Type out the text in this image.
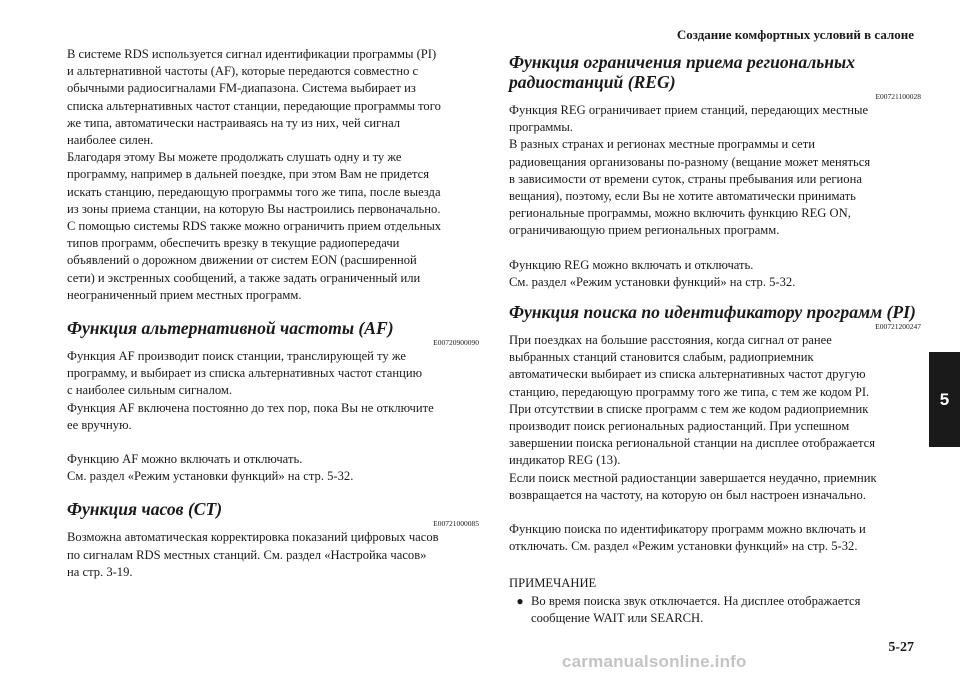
Создание комфортных условий в салоне

В системе RDS используется сигнал идентификации программы (PI)
и альтернативной частоты (AF), которые передаются совместно с
обычными радиосигналами FM-диапазона. Система выбирает из
списка альтернативных частот станции, передающие программы того
же типа, автоматически настраиваясь на ту из них, чей сигнал
наиболее силен.

Благодаря этому Вы можете продолжать слушать одну и ту же
программу, например в дальней поездке, при этом Вам не придется
искать станцию, передающую программы того же типа, после выезда
из зоны приема станции, на которую Вы настроились первоначально.

С помощью системы RDS также можно ограничить прием отдельных
типов программ, обеспечить врезку в текущие радиопередачи
объявлений о дорожном движении от систем EON (расширенной
сети) и экстренных сообщений, а также задать ограниченный или
неограниченный прием местных программ.

Функция альтернативной частоты (AF)
E00720900090

Функция AF производит поиск станции, транслирующей ту же
программу, и выбирает из списка альтернативных частот станцию
с наиболее сильным сигналом.

Функция AF включена постоянно до тех пор, пока Вы не отключите
ее вручную.

Функцию AF можно включать и отключать.
См. раздел «Режим установки функций» на стр. 5-32.

Функция часов (CT)
E00721000085

Возможна автоматическая корректировка показаний цифровых часов
по сигналам RDS местных станций. См. раздел «Настройка часов»
на стр. 3-19.

Функция ограничения приема региональных
радиостанций (REG)
E00721100028

Функция REG ограничивает прием станций, передающих местные
программы.

В разных странах и регионах местные программы и сети
радиовещания организованы по-разному (вещание может меняться
в зависимости от времени суток, страны пребывания или региона
вещания), поэтому, если Вы не хотите автоматически принимать
региональные программы, можно включить функцию REG ON,
ограничивающую прием региональных программ.

Функцию REG можно включать и отключать.
См. раздел «Режим установки функций» на стр. 5-32.

Функция поиска по идентификатору программ (PI)
E00721200247

При поездках на большие расстояния, когда сигнал от ранее
выбранных станций становится слабым, радиоприемник
автоматически выбирает из списка альтернативных частот другую
станцию, передающую программу того же типа, с тем же кодом PI.

При отсутствии в списке программ с тем же кодом радиоприемник
производит поиск региональных радиостанций. При успешном
завершении поиска региональной станции на дисплее отображается
индикатор REG (13).

Если поиск местной радиостанции завершается неудачно, приемник
возвращается на частоту, на которую он был настроен изначально.

Функцию поиска по идентификатору программ можно включать и
отключать. См. раздел «Режим установки функций» на стр. 5-32.

ПРИМЕЧАНИЕ

● Во время поиска звук отключается. На дисплее отображается
сообщение WAIT или SEARCH.

5
5-27
carmanualsonline.info
